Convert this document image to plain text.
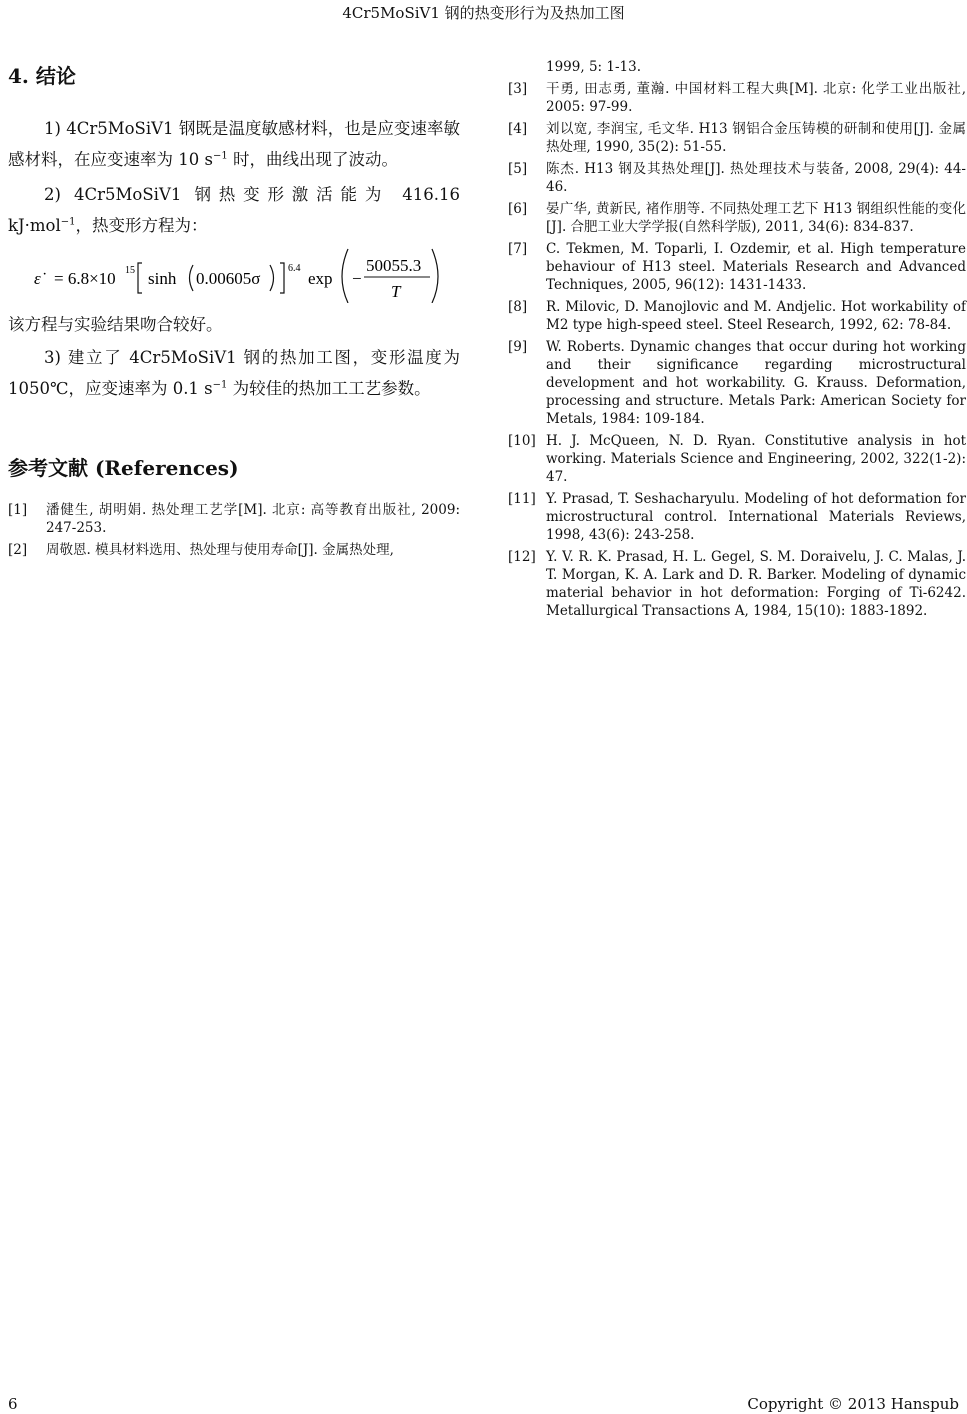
4Cr5MoSiV1 钢的热变形行为及热加工图
4. 结论

1) 4Cr5MoSiV1 钢既是温度敏感材料，也是应变速率敏感材料，在应变速率为 10 $s^{-1}$ 时，曲线出现了波动。

2) 4Cr5MoSiV1 钢热变形激活能为 416.16 kJ·mol$^{-1}$，热变形方程为：

ε̇ = 6.8×10 15 sinh 0.00605σ
6.4
exp −
50055.3
T

该方程与实验结果吻合较好。

3) 建立了 4Cr5MoSiV1 钢的热加工图，变形温度为 1050℃，应变速率为 0.1 $s^{-1}$ 为较佳的热加工工艺参数。

参考文献 (References)
[1]	潘健生, 胡明娟. 热处理工艺学[M]. 北京: 高等教育出版社, 2009: 247-253.
[2]	周敬恩. 模具材料选用、热处理与使用寿命[J]. 金属热处理,
1999, 5: 1-13.
[3]	干勇, 田志勇, 董瀚. 中国材料工程大典[M]. 北京: 化学工业出版社, 2005: 97-99.
[4]	刘以宽, 李润宝, 毛文华. H13 钢铝合金压铸模的研制和使用[J]. 金属热处理, 1990, 35(2): 51-55.
[5]	陈杰. H13 钢及其热处理[J]. 热处理技术与装备, 2008, 29(4): 44-46.
[6]	晏广华, 黄新民, 褚作朋等. 不同热处理工艺下 H13 钢组织性能的变化[J]. 合肥工业大学学报(自然科学版), 2011, 34(6): 834-837.
[7]	C. Tekmen, M. Toparli, I. Ozdemir, et al. High temperature behaviour of H13 steel. Materials Research and Advanced Techniques, 2005, 96(12): 1431-1433.
[8]	R. Milovic, D. Manojlovic and M. Andjelic. Hot workability of M2 type high-speed steel. Steel Research, 1992, 62: 78-84.
[9]	W. Roberts. Dynamic changes that occur during hot working and their significance regarding microstructural development and hot workability. G. Krauss. Deformation, processing and structure. Metals Park: American Society for Metals, 1984: 109-184.
[10] H. J. McQueen, N. D. Ryan. Constitutive analysis in hot working. Materials Science and Engineering, 2002, 322(1-2): 47.
[11] Y. Prasad, T. Seshacharyulu. Modeling of hot deformation for microstructural control. International Materials Reviews, 1998, 43(6): 243-258.
[12] Y. V. R. K. Prasad, H. L. Gegel, S. M. Doraivelu, J. C. Malas, J. T. Morgan, K. A. Lark and D. R. Barker. Modeling of dynamic material behavior in hot deformation: Forging of Ti-6242. Metallurgical Transactions A, 1984, 15(10): 1883-1892.
6	Copyright © 2013 Hanspub
